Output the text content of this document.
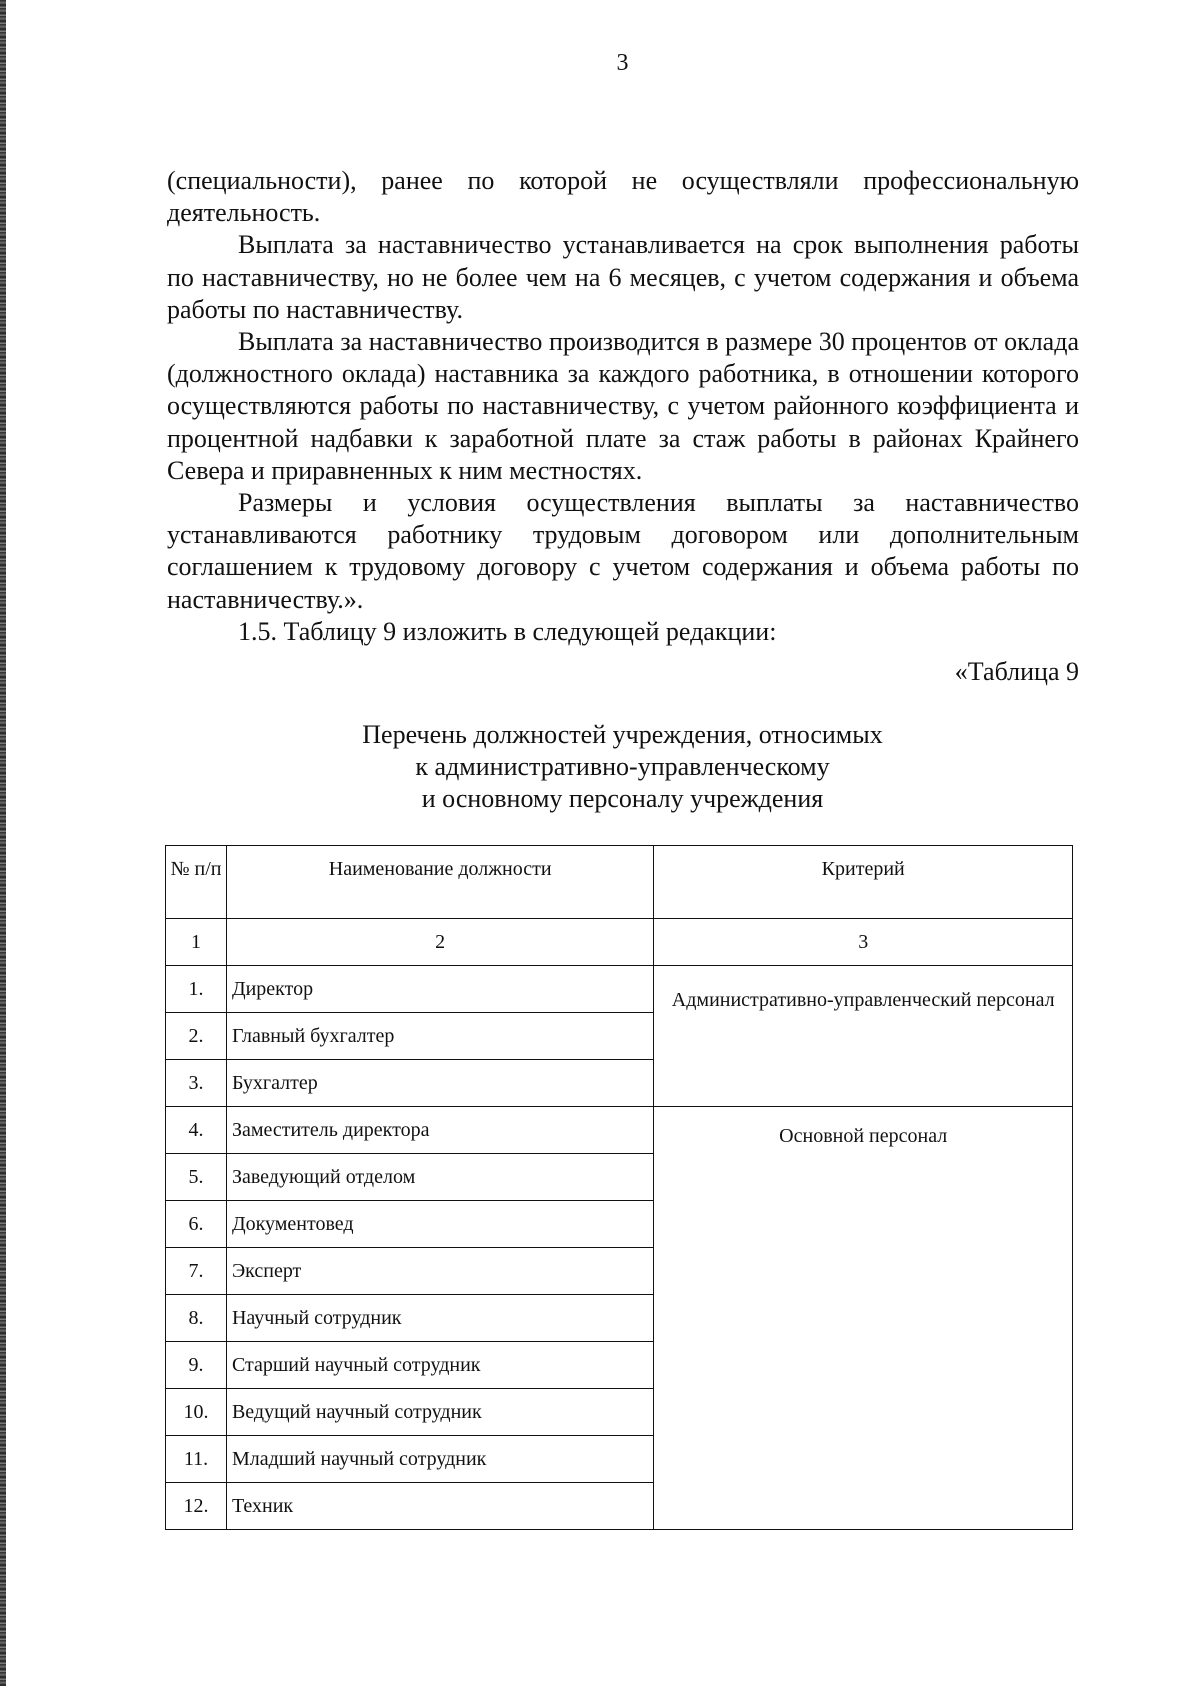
3

(специальности), ранее по которой не осуществляли профессиональную деятельность.

Выплата за наставничество устанавливается на срок выполнения работы по наставничеству, но не более чем на 6 месяцев, с учетом содержания и объема работы по наставничеству.

Выплата за наставничество производится в размере 30 процентов от оклада (должностного оклада) наставника за каждого работника, в отношении которого осуществляются работы по наставничеству, с учетом районного коэффициента и процентной надбавки к заработной плате за стаж работы в районах Крайнего Севера и приравненных к ним местностях.

Размеры и условия осуществления выплаты за наставничество устанавливаются работнику трудовым договором или дополнительным соглашением к трудовому договору с учетом содержания и объема работы по наставничеству.».

1.5. Таблицу 9 изложить в следующей редакции:

«Таблица 9

Перечень должностей учреждения, относимых
к административно-управленческому
и основному персоналу учреждения
№ п/п	Наименование должности	Критерий
1	2	3
1.	Директор	Административно-управленческий персонал
2.	Главный бухгалтер	
3.	Бухгалтер	
4.	Заместитель директора	Основной персонал
5.	Заведующий отделом	
6.	Документовед	
7.	Эксперт	
8.	Научный сотрудник	
9.	Старший научный сотрудник	
10.	Ведущий научный сотрудник	
11.	Младший научный сотрудник	
12.	Техник	
